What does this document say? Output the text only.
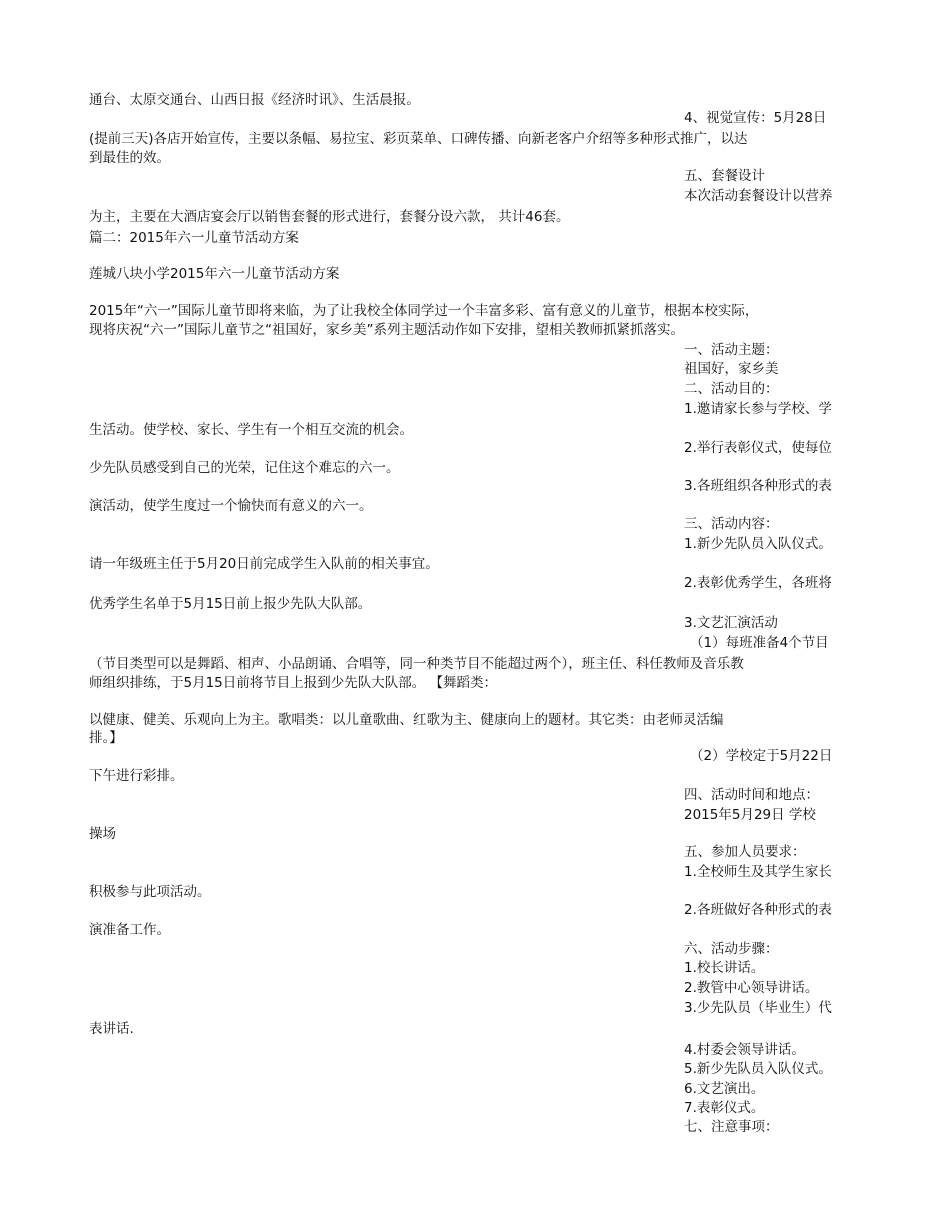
通台、太原交通台、山西日报《经济时讯》、生活晨报。
4、视觉宣传：5月28日
(提前三天)各店开始宣传，主要以条幅、易拉宝、彩页菜单、口碑传播、向新老客户介绍等多种形式推广，以达
到最佳的效。
五、套餐设计
本次活动套餐设计以营养
为主，主要在大酒店宴会厅以销售套餐的形式进行，套餐分设六款， 共计46套。
篇二：2015年六一儿童节活动方案
莲城八块小学2015年六一儿童节活动方案
2015年“六一”国际儿童节即将来临，为了让我校全体同学过一个丰富多彩、富有意义的儿童节，根据本校实际，
现将庆祝“六一”国际儿童节之“祖国好，家乡美”系列主题活动作如下安排，望相关教师抓紧抓落实。
一、活动主题：
祖国好，家乡美
二、活动目的：
1.邀请家长参与学校、学
生活动。使学校、家长、学生有一个相互交流的机会。
2.举行表彰仪式，使每位
少先队员感受到自己的光荣，记住这个难忘的六一。
3.各班组织各种形式的表
演活动，使学生度过一个愉快而有意义的六一。
三、活动内容：
1.新少先队员入队仪式。
请一年级班主任于5月20日前完成学生入队前的相关事宜。
2.表彰优秀学生，各班将
优秀学生名单于5月15日前上报少先队大队部。
3.文艺汇演活动
（1）每班准备4个节目
（节目类型可以是舞蹈、相声、小品朗诵、合唱等，同一种类节目不能超过两个），班主任、科任教师及音乐教
师组织排练，于5月15日前将节目上报到少先队大队部。 【舞蹈类：
以健康、健美、乐观向上为主。歌唱类：以儿童歌曲、红歌为主、健康向上的题材。其它类：由老师灵活编
排。】
（2）学校定于5月22日
下午进行彩排。
四、活动时间和地点：
2015年5月29日 学校
操场
五、参加人员要求：
1.全校师生及其学生家长
积极参与此项活动。
2.各班做好各种形式的表
演准备工作。
六、活动步骤：
1.校长讲话。
2.教管中心领导讲话。
3.少先队员（毕业生）代
表讲话.
4.村委会领导讲话。
5.新少先队员入队仪式。
6.文艺演出。
7.表彰仪式。
七、注意事项：
